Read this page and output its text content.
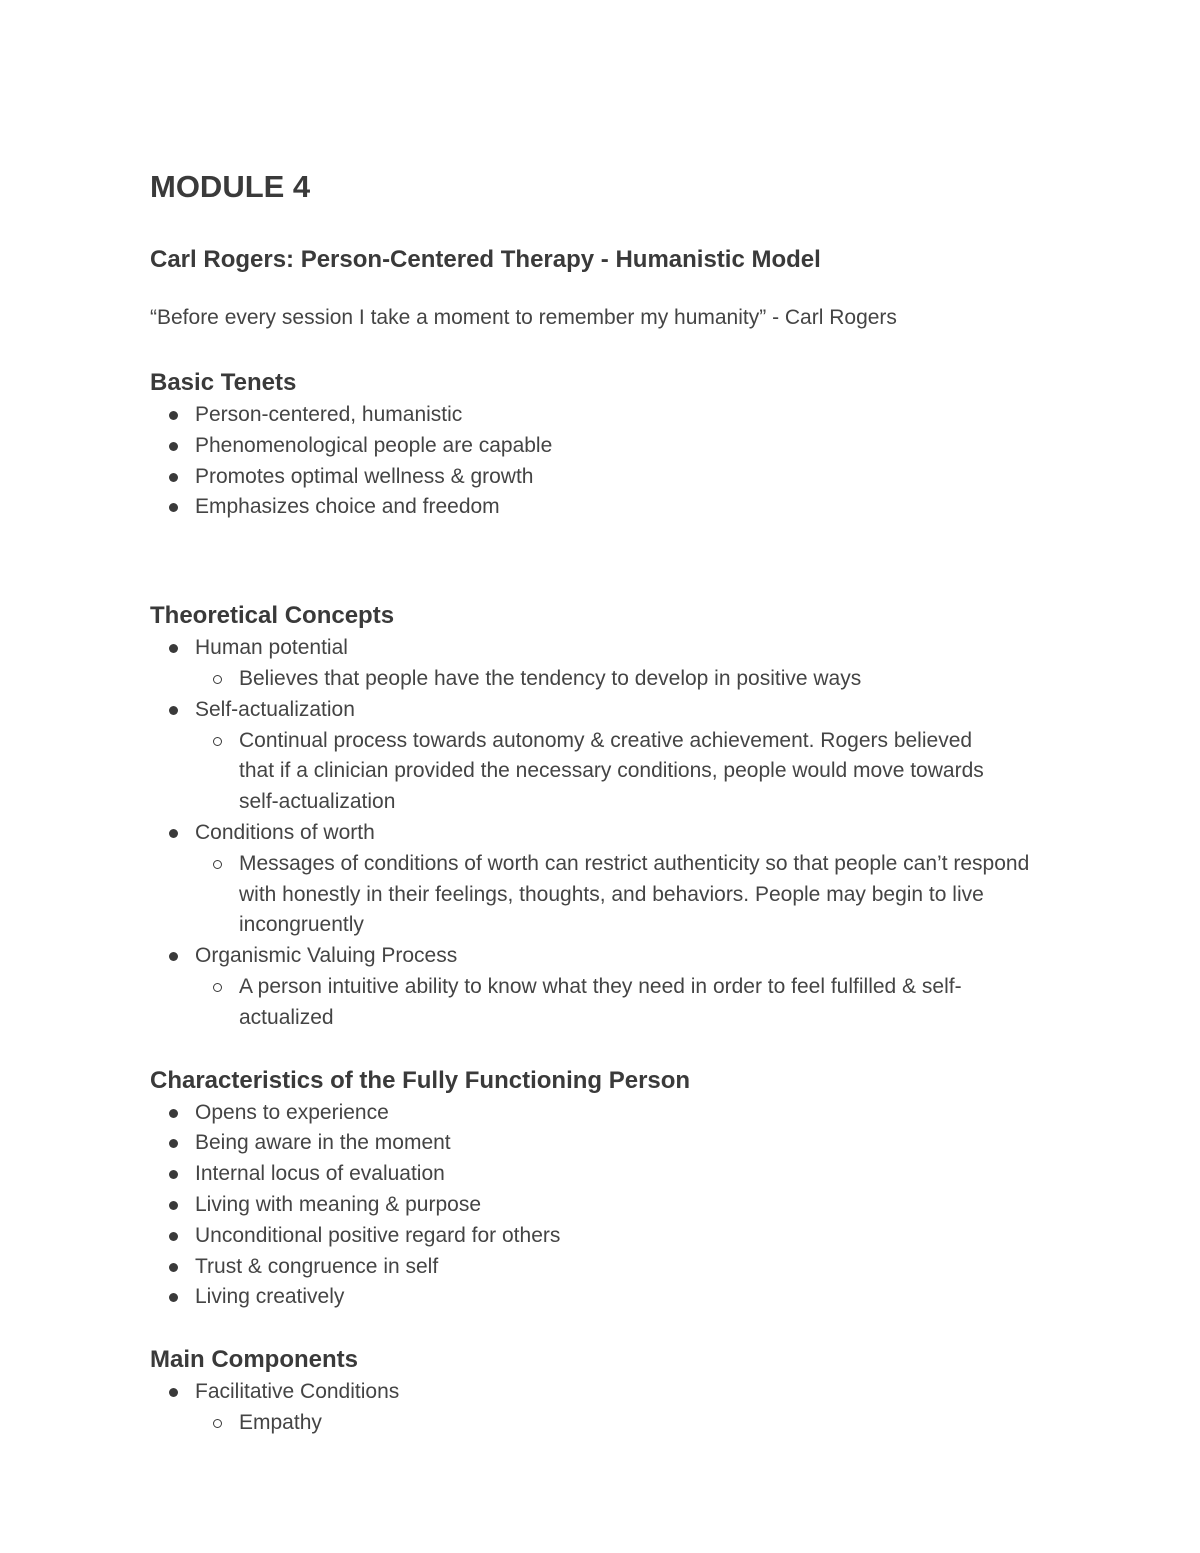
MODULE 4
Carl Rogers: Person-Centered Therapy - Humanistic Model
“Before every session I take a moment to remember my humanity” - Carl Rogers
Basic Tenets
Person-centered, humanistic
Phenomenological people are capable
Promotes optimal wellness & growth
Emphasizes choice and freedom
Theoretical Concepts
Human potential
Believes that people have the tendency to develop in positive ways
Self-actualization
Continual process towards autonomy & creative achievement. Rogers believed that if a clinician provided the necessary conditions, people would move towards self-actualization
Conditions of worth
Messages of conditions of worth can restrict authenticity so that people can’t respond with honestly in their feelings, thoughts, and behaviors. People may begin to live incongruently
Organismic Valuing Process
A person intuitive ability to know what they need in order to feel fulfilled & self-actualized
Characteristics of the Fully Functioning Person
Opens to experience
Being aware in the moment
Internal locus of evaluation
Living with meaning & purpose
Unconditional positive regard for others
Trust & congruence in self
Living creatively
Main Components
Facilitative Conditions
Empathy
